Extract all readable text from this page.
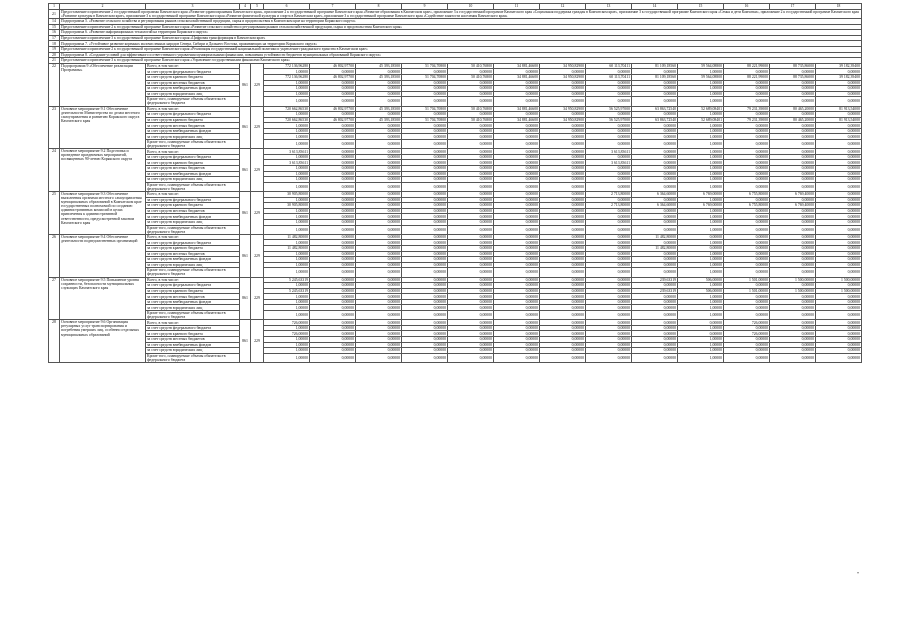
1	2	3	4	5	6	7	8	9	10	11	12	13	14	15	16	17	18
21	Предоставление и привлечение 2 государственной программы Камчатского края «Развитие здравоохранения Камчатского края», приложение 2 к государственной программе Камчатского края «Развитие образования в Камчатском крае», приложение 3 к государственной программе Камчатского края «Социальная поддержка граждан в Камчатском крае», приложение 3 к государственной программе Камчатского края «Семья и дети Камчатки», приложение 2 к государственной программе Камчатского края «Развитие культуры в Камчатском крае», приложение 3 к государственной программе Камчатского края «Развитие физической культуры и спорта в Камчатском крае», приложение 3 к государственной программе Камчатского края «Содействие занятости населения Камчатского края»																
14	Подпрограмма 5. «Развитие сельского хозяйства и регулирования рынков сельскохозяйственной продукции, сырья и продовольствия в Камчатском крае на территории Корякского округа»																
15	Предоставление и привлечение 2 к государственной программе Камчатского края «Развитие сельского хозяйства и регулирования рынков сельскохозяйственной продукции, сырья и продовольствия Камчатского края»																
16	Подпрограмма 6. «Развитие информационных технологий на территории Корякского округа»																
17	Предоставление и привлечение 3 к государственной программе Камчатского края «Цифровая трансформация в Камчатском крае»																
18	Подпрограмма 7. «Устойчивое развитие коренных малочисленных народов Севера, Сибири и Дальнего Востока, проживающих на территории Корякского округа»																
19	Предоставление и привлечение 2 к государственной программе Камчатского края «Реализация государственной национальной политики и укрепление гражданского единства в Камчатском крае»																
20	Подпрограмма 8. «Создание условий для эффективного и ответственного управления муниципальными финансами, повышения устойчивости бюджетов муниципальных образований Корякского округа»																
21	Предоставление и привлечение 3 к государственной программе Камчатского края «Управление государственными финансами Камчатского края»																
22	Подпрограмма 9 «Обеспечение реализации Программы»	Всего, в том числе:	861	229	772 136,96280	46 802,97700	45 393,18500	51 704,70800	50 410,76800	34 881,46600	34 950,82900	60 113,70411	81 109,18560	59 564,08800	88 221,99000	88 735,86000	39 182,39400
		за счет средств федерального бюджета			1,00000	0,00000	0,00000	0,00000	0,00000	0,00000	0,00000	0,00000	0,00000	1,00000	0,00000	0,00000	0,00000
		за счет средств краевого бюджета			772 136,96280	46 802,97700	45 393,18500	51 704,70800	50 410,76800	34 881,46600	34 950,82900	60 113,70411	81 109,18560	59 564,08800	88 221,99000	88 735,86000	39 182,39400
		за счет средств местных бюджетов			1,00000	0,00000	0,00000	0,00000	0,00000	0,00000	0,00000	0,00000	0,00000	1,00000	0,00000	0,00000	0,00000
		за счет средств внебюджетных фондов			1,00000	0,00000	0,00000	0,00000	0,00000	0,00000	0,00000	0,00000	0,00000	1,00000	0,00000	0,00000	0,00000
		за счет средств юридических лиц			1,00000	0,00000	0,00000	0,00000	0,00000	0,00000	0,00000	0,00000	0,00000	1,00000	0,00000	0,00000	0,00000
		Кроме того, планируемые объемы обязательств федерального бюджета			1,00000	0,00000	0,00000	0,00000	0,00000	0,00000	0,00000	0,00000	0,00000	1,00000	0,00000	0,00000	0,00000
23	Основное мероприятие 9.1 Обеспечение деятельности Министерства по делам местного самоуправления и развитию Корякского округа Камчатского края	Всего, в том числе:	861	229	720 662,86530	46 802,97700	45 393,18500	51 704,70800	50 410,76800	34 881,46600	34 950,82900	56 525,97000	63 863,72540	52 689,08401	79 231,39000	80 465,20000	81 913,54000
		за счет средств федерального бюджета			1,00000	0,00000	0,00000	0,00000	0,00000	0,00000	0,00000	0,00000	0,00000	1,00000	0,00000	0,00000	0,00000
		за счет средств краевого бюджета			720 662,86530	46 802,97700	45 393,18500	51 704,70800	50 410,76800	34 881,46600	34 950,82900	56 525,97000	63 863,72540	52 689,08401	79 231,39000	80 465,20000	81 913,54000
		за счет средств местных бюджетов			1,00000	0,00000	0,00000	0,00000	0,00000	0,00000	0,00000	0,00000	0,00000	1,00000	0,00000	0,00000	0,00000
		за счет средств внебюджетных фондов			1,00000	0,00000	0,00000	0,00000	0,00000	0,00000	0,00000	0,00000	0,00000	1,00000	0,00000	0,00000	0,00000
		за счет средств юридических лиц			1,00000	0,00000	0,00000	0,00000	0,00000	0,00000	0,00000	0,00000	0,00000	1,00000	0,00000	0,00000	0,00000
		Кроме того, планируемые объемы обязательств федерального бюджета			1,00000	0,00000	0,00000	0,00000	0,00000	0,00000	0,00000	0,00000	0,00000	1,00000	0,00000	0,00000	0,00000
24	Основное мероприятие 9.2 Подготовка и проведение праздничных мероприятий, посвященных 90-летию Корякского округа	Всего, в том числе:	861	229	3 613,83611	0,00000	0,00000	0,00000	0,00000	0,00000	0,00000	3 613,83611	0,00000	1,00000	0,00000	0,00000	0,00000
		за счет средств федерального бюджета			1,00000	0,00000	0,00000	0,00000	0,00000	0,00000	0,00000	0,00000	0,00000	1,00000	0,00000	0,00000	0,00000
		за счет средств краевого бюджета			3 613,83611	0,00000	0,00000	0,00000	0,00000	0,00000	0,00000	3 613,83611	0,00000	1,00000	0,00000	0,00000	0,00000
		за счет средств местных бюджетов			1,00000	0,00000	0,00000	0,00000	0,00000	0,00000	0,00000	0,00000	0,00000	1,00000	0,00000	0,00000	0,00000
		за счет средств внебюджетных фондов			1,00000	0,00000	0,00000	0,00000	0,00000	0,00000	0,00000	0,00000	0,00000	1,00000	0,00000	0,00000	0,00000
		за счет средств юридических лиц			1,00000	0,00000	0,00000	0,00000	0,00000	0,00000	0,00000	0,00000	0,00000	1,00000	0,00000	0,00000	0,00000
		Кроме того, планируемые объемы обязательств федерального бюджета			1,00000	0,00000	0,00000	0,00000	0,00000	0,00000	0,00000	0,00000	0,00000	1,00000	0,00000	0,00000	0,00000
25	Основное мероприятие 9.3 Обеспечение выполнения органами местного самоуправления муниципальных образований в Камчатском крае государственных полномочий по созданию административных комиссий в целях привлечения к административной ответственности, предусмотренной законом Камчатского края	Всего, в том числе:	861	229	30 905,80000	0,00000	0,00000	0,00000	0,00000	0,00000	0,00000	2 713,80000	6 364,60000	6 769,00000	6 755,80000	6 769,40000	0,00000
		за счет средств федерального бюджета			1,00000	0,00000	0,00000	0,00000	0,00000	0,00000	0,00000	0,00000	0,00000	1,00000	0,00000	0,00000	0,00000
		за счет средств краевого бюджета			30 905,80000	0,00000	0,00000	0,00000	0,00000	0,00000	0,00000	2 713,80000	6 364,60000	6 769,00000	6 755,80000	6 769,40000	0,00000
		за счет средств местных бюджетов			1,00000	0,00000	0,00000	0,00000	0,00000	0,00000	0,00000	0,00000	0,00000	1,00000	0,00000	0,00000	0,00000
		за счет средств внебюджетных фондов			1,00000	0,00000	0,00000	0,00000	0,00000	0,00000	0,00000	0,00000	0,00000	1,00000	0,00000	0,00000	0,00000
		за счет средств юридических лиц			1,00000	0,00000	0,00000	0,00000	0,00000	0,00000	0,00000	0,00000	0,00000	1,00000	0,00000	0,00000	0,00000
		Кроме того, планируемые объемы обязательств федерального бюджета			1,00000	0,00000	0,00000	0,00000	0,00000	0,00000	0,00000	0,00000	0,00000	1,00000	0,00000	0,00000	0,00000
26	Основное мероприятие 9.4 Обеспечение деятельности подведомственных организаций	Всего, в том числе:	861	229	11 482,80000	0,00000	0,00000	0,00000	0,00000	0,00000	0,00000	0,00000	11 482,80000	0,00000	0,00000	0,00000	0,00000
		за счет средств федерального бюджета			1,00000	0,00000	0,00000	0,00000	0,00000	0,00000	0,00000	0,00000	0,00000	1,00000	0,00000	0,00000	0,00000
		за счет средств краевого бюджета			11 482,80000	0,00000	0,00000	0,00000	0,00000	0,00000	0,00000	0,00000	11 482,80000	0,00000	0,00000	0,00000	0,00000
		за счет средств местных бюджетов			1,00000	0,00000	0,00000	0,00000	0,00000	0,00000	0,00000	0,00000	0,00000	1,00000	0,00000	0,00000	0,00000
		за счет средств внебюджетных фондов			1,00000	0,00000	0,00000	0,00000	0,00000	0,00000	0,00000	0,00000	0,00000	1,00000	0,00000	0,00000	0,00000
		за счет средств юридических лиц			1,00000	0,00000	0,00000	0,00000	0,00000	0,00000	0,00000	0,00000	0,00000	1,00000	0,00000	0,00000	0,00000
		Кроме того, планируемые объемы обязательств федерального бюджета			1,00000	0,00000	0,00000	0,00000	0,00000	0,00000	0,00000	0,00000	0,00000	1,00000	0,00000	0,00000	0,00000
27	Основное мероприятие 9.5 Повышение уровня сохранности, безопасности муниципальных служащих Камчатского края	Всего, в том числе:	861	229	5 245,63319	0,00000	0,00000	0,00000	0,00000	0,00000	0,00000	0,00000	239,63319	506,00000	1 501,00000	1 500,00000	1 500,00000
		за счет средств федерального бюджета			1,00000	0,00000	0,00000	0,00000	0,00000	0,00000	0,00000	0,00000	0,00000	1,00000	0,00000	0,00000	0,00000
		за счет средств краевого бюджета			5 245,63319	0,00000	0,00000	0,00000	0,00000	0,00000	0,00000	0,00000	239,63319	506,00000	1 501,00000	1 500,00000	1 500,00000
		за счет средств местных бюджетов			1,00000	0,00000	0,00000	0,00000	0,00000	0,00000	0,00000	0,00000	0,00000	1,00000	0,00000	0,00000	0,00000
		за счет средств внебюджетных фондов			1,00000	0,00000	0,00000	0,00000	0,00000	0,00000	0,00000	0,00000	0,00000	1,00000	0,00000	0,00000	0,00000
		за счет средств юридических лиц			1,00000	0,00000	0,00000	0,00000	0,00000	0,00000	0,00000	0,00000	0,00000	1,00000	0,00000	0,00000	0,00000
		Кроме того, планируемые объемы обязательств федерального бюджета			1,00000	0,00000	0,00000	0,00000	0,00000	0,00000	0,00000	0,00000	0,00000	1,00000	0,00000	0,00000	0,00000
28	Основное мероприятие 9.6 Организация регулярных услуг транспортирования и погребения умерших лиц, особенно отдельных муниципальных образований	Всего, в том числе:	861	229	726,00000	0,00000	0,00000	0,00000	0,00000	0,00000	0,00000	0,00000	0,00000	0,00000	726,00000	0,00000	0,00000
		за счет средств федерального бюджета			1,00000	0,00000	0,00000	0,00000	0,00000	0,00000	0,00000	0,00000	0,00000	1,00000	0,00000	0,00000	0,00000
		за счет средств краевого бюджета			726,00000	0,00000	0,00000	0,00000	0,00000	0,00000	0,00000	0,00000	0,00000	0,00000	726,00000	0,00000	0,00000
		за счет средств местных бюджетов			1,00000	0,00000	0,00000	0,00000	0,00000	0,00000	0,00000	0,00000	0,00000	1,00000	0,00000	0,00000	0,00000
		за счет средств внебюджетных фондов			1,00000	0,00000	0,00000	0,00000	0,00000	0,00000	0,00000	0,00000	0,00000	1,00000	0,00000	0,00000	0,00000
		за счет средств юридических лиц			1,00000	0,00000	0,00000	0,00000	0,00000	0,00000	0,00000	0,00000	0,00000	1,00000	0,00000	0,00000	0,00000
		Кроме того, планируемые объемы обязательств федерального бюджета			1,00000	0,00000	0,00000	0,00000	0,00000	0,00000	0,00000	0,00000	0,00000	1,00000	0,00000	0,00000	0,00000
*
